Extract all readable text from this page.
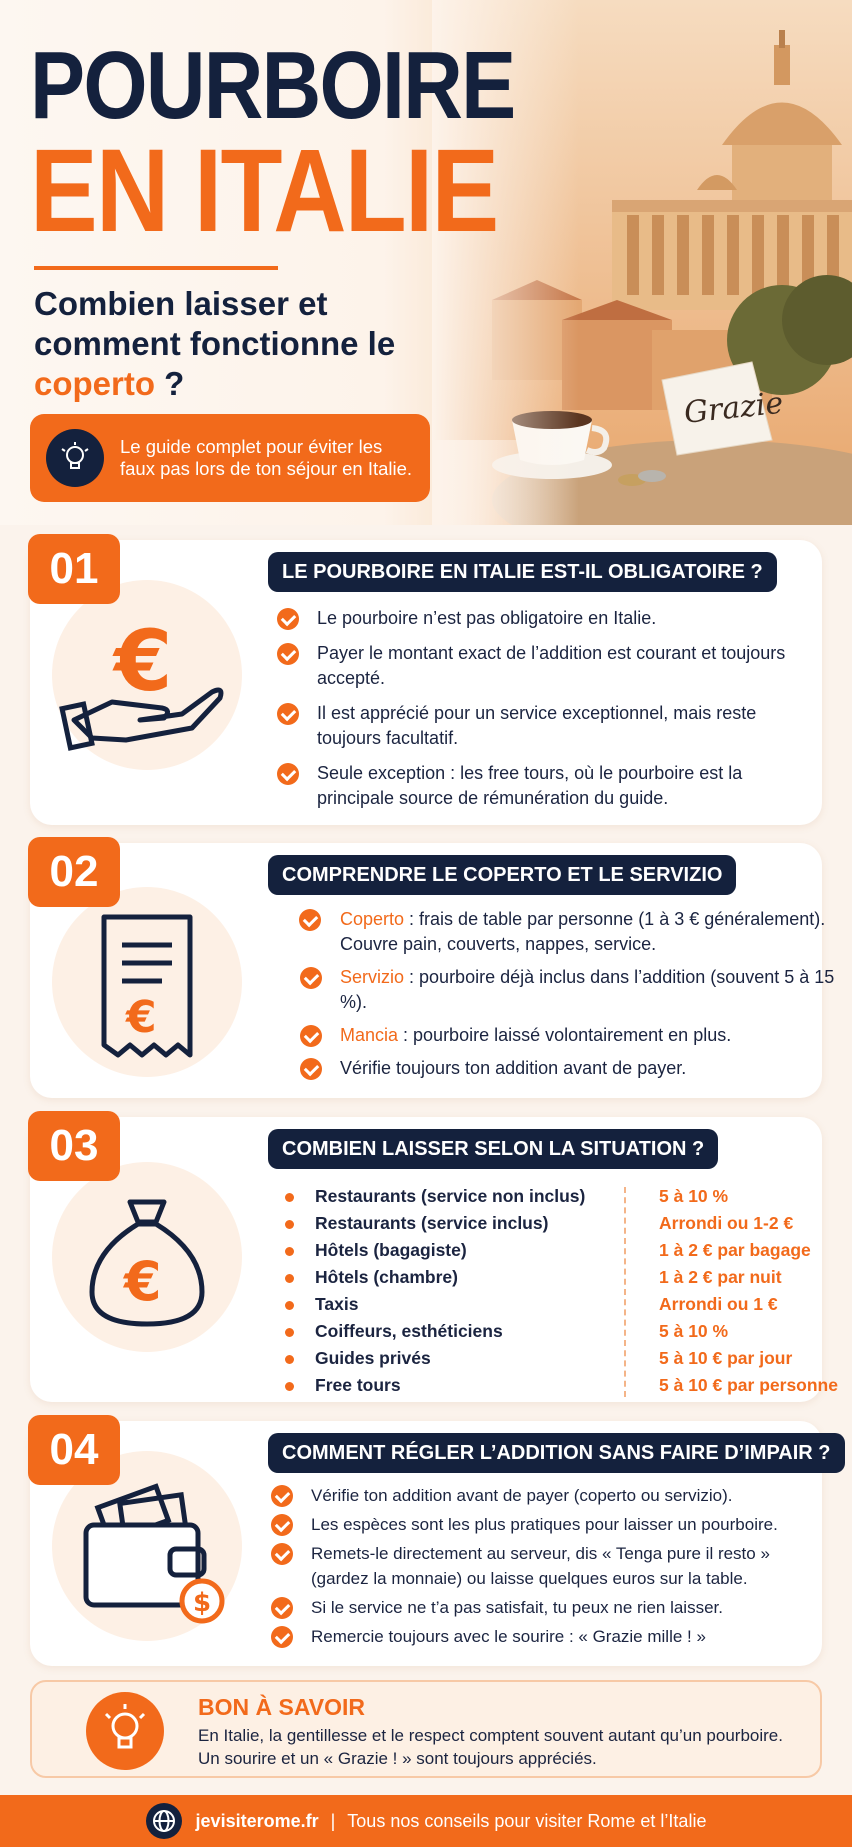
POURBOIRE
EN ITALIE
Combien laisser et comment fonctionne le coperto ?
Le guide complet pour éviter les faux pas lors de ton séjour en Italie.
€
01	LE POURBOIRE EN ITALIE EST-IL OBLIGATOIRE ?
Le pourboire n’est pas obligatoire en Italie.
Payer le montant exact de l’addition est courant et toujours accepté.
Il est apprécié pour un service exceptionnel, mais reste toujours facultatif.
Seule exception : les free tours, où le pourboire est la principale source de rémunération du guide.
€
02	COMPRENDRE LE COPERTO ET LE SERVIZIO
Coperto : frais de table par personne (1 à 3 € généralement). Couvre pain, couverts, nappes, service.
Servizio : pourboire déjà inclus dans l’addition (souvent 5 à 15 %).
Mancia : pourboire laissé volontairement en plus.
Vérifie toujours ton addition avant de payer.
€
03	COMBIEN LAISSER SELON LA SITUATION ?
Restaurants (service non inclus)	5 à 10 %
Restaurants (service inclus)	Arrondi ou 1-2 €
Hôtels (bagagiste)	1 à 2 € par bagage
Hôtels (chambre)	1 à 2 € par nuit
Taxis	Arrondi ou 1 €
Coiffeurs, esthéticiens	5 à 10 %
Guides privés	5 à 10 € par jour
Free tours	5 à 10 € par personne
$
04	COMMENT RÉGLER L’ADDITION SANS FAIRE D’IMPAIR ?
Vérifie ton addition avant de payer (coperto ou servizio).
Les espèces sont les plus pratiques pour laisser un pourboire.
Remets-le directement au serveur, dis « Tenga pure il resto » (gardez la monnaie) ou laisse quelques euros sur la table.
Si le service ne t’a pas satisfait, tu peux ne rien laisser.
Remercie toujours avec le sourire : « Grazie mille ! »
BON À SAVOIR
En Italie, la gentillesse et le respect comptent souvent autant qu’un pourboire. Un sourire et un « Grazie ! » sont toujours appréciés.
jevisiterome.fr | Tous nos conseils pour visiter Rome et l’Italie
